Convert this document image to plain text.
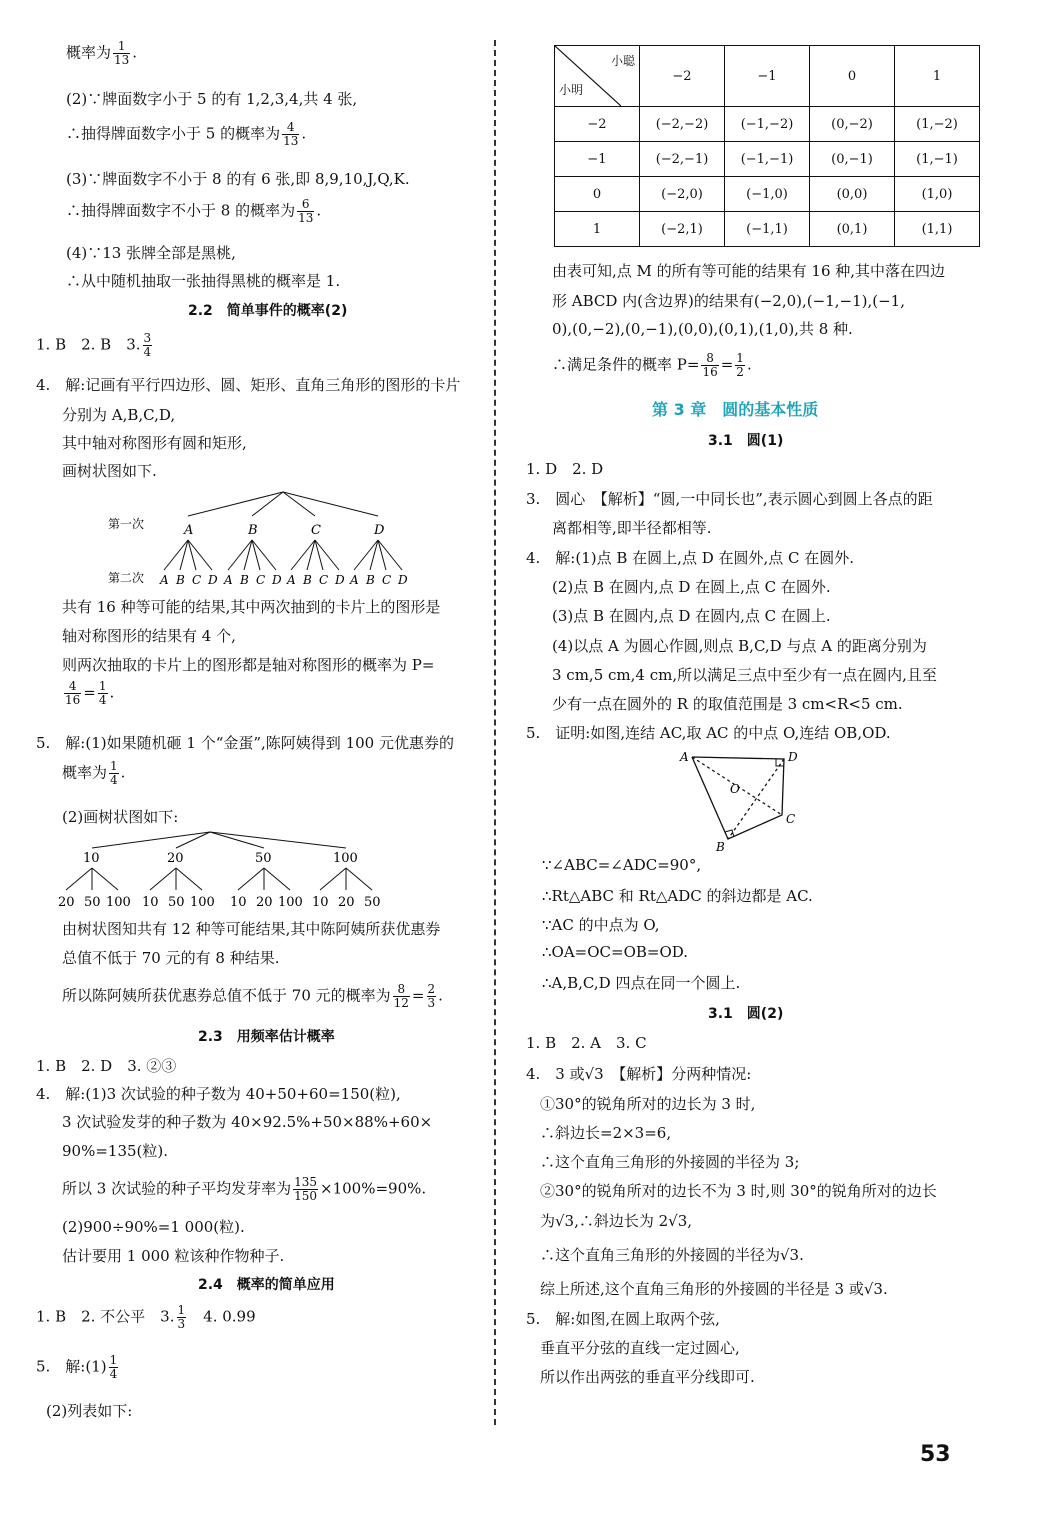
概率为 $\frac{1}{13}$ .
(2)∵牌面数字小于 5 的有 1,2,3,4,共 4 张,
∴抽得牌面数字小于 5 的概率为 $\frac{4}{13}$ .
(3)∵牌面数字不小于 8 的有 6 张,即 8,9,10,J,Q,K.
∴抽得牌面数字不小于 8 的概率为 $\frac{6}{13}$ .
(4)∵13 张牌全部是黑桃,
∴从中随机抽取一张抽得黑桃的概率是 1.
2.2　简单事件的概率(2)
1. B　2. B　3. $\frac{3}{4}$
4.　解:记画有平行四边形、圆、矩形、直角三角形的图形的卡片
分别为 A,B,C,D,
其中轴对称图形有圆和矩形,
画树状图如下.
第一次
第二次
A	B	C	D
A B C D A B C D A B C D A B C D
共有 16 种等可能的结果,其中两次抽到的卡片上的图形是
轴对称图形的结果有 4 个,
则两次抽取的卡片上的图形都是轴对称图形的概率为 P=
$\frac{4}{16} = \frac{1}{4}$ .
5.　解:(1)如果随机砸 1 个“金蛋”,陈阿姨得到 100 元优惠券的
概率为 $\frac{1}{4}$ .
(2)画树状图如下:
10	20	50	100
20 50 100 10 50 100 10 20 100 10 20 50
由树状图知共有 12 种等可能结果,其中陈阿姨所获优惠券
总值不低于 70 元的有 8 种结果.
所以陈阿姨所获优惠券总值不低于 70 元的概率为 $\frac{8}{12} = \frac{2}{3}$ .
2.3　用频率估计概率
1. B　2. D　3. ②③
4.　解:(1)3 次试验的种子数为 40+50+60=150(粒),
3 次试验发芽的种子数为 40×92.5%+50×88%+60×
90%=135(粒).
所以 3 次试验的种子平均发芽率为 $\frac{135}{150} \times 100\%=90\%$.
(2)900÷90%=1 000(粒).
估计要用 1 000 粒该种作物种子.
2.4　概率的简单应用
1. B　2. 不公平　3. $\frac{1}{3}$
　 4. 0.99
5.　解:(1) $\frac{1}{4}$
(2)列表如下:
小聪
小明	−2	−1	0	1
−2	(−2,−2)	(−1,−2)	(0,−2)	(1,−2)
−1	(−2,−1)	(−1,−1)	(0,−1)	(1,−1)
0	(−2,0)	(−1,0)	(0,0)	(1,0)
1	(−2,1)	(−1,1)	(0,1)	(1,1)
由表可知,点 M 的所有等可能的结果有 16 种,其中落在四边
形 ABCD 内(含边界)的结果有(−2,0),(−1,−1),(−1,
0),(0,−2),(0,−1),(0,0),(0,1),(1,0),共 8 种.
∴满足条件的概率 $P= \frac{8}{16} = \frac{1}{2}$ .
第 3 章　圆的基本性质
3.1　圆(1)
1. D　2. D
3.　圆心　【解析】“圆,一中同长也”,表示圆心到圆上各点的距
离都相等,即半径都相等.
4.　解:(1)点 B 在圆上,点 D 在圆外,点 C 在圆外.
(2)点 B 在圆内,点 D 在圆上,点 C 在圆外.
(3)点 B 在圆内,点 D 在圆内,点 C 在圆上.
(4)以点 A 为圆心作圆,则点 B,C,D 与点 A 的距离分别为
3 cm,5 cm,4 cm,所以满足三点中至少有一点在圆内,且至
少有一点在圆外的 R 的取值范围是 3 cm<R<5 cm.
5.　证明:如图,连结 AC,取 AC 的中点 O,连结 OB,OD.
A	D
O
C
B
∵∠ABC=∠ADC=90°,
∴Rt△ABC 和 Rt△ADC 的斜边都是 AC.
∵AC 的中点为 O,
∴OA=OC=OB=OD.
∴A,B,C,D 四点在同一个圆上.
3.1　圆(2)
1. B　2. A　3. C
4.　3 或√3　【解析】分两种情况:
①30°的锐角所对的边长为 3 时,
∴斜边长=2×3=6,
∴这个直角三角形的外接圆的半径为 3;
②30°的锐角所对的边长不为 3 时,则 30°的锐角所对的边长
为√3,∴斜边长为 2√3,
∴这个直角三角形的外接圆的半径为√3.
综上所述,这个直角三角形的外接圆的半径是 3 或√3.
5.　解:如图,在圆上取两个弦,
垂直平分弦的直线一定过圆心,
所以作出两弦的垂直平分线即可.
53
